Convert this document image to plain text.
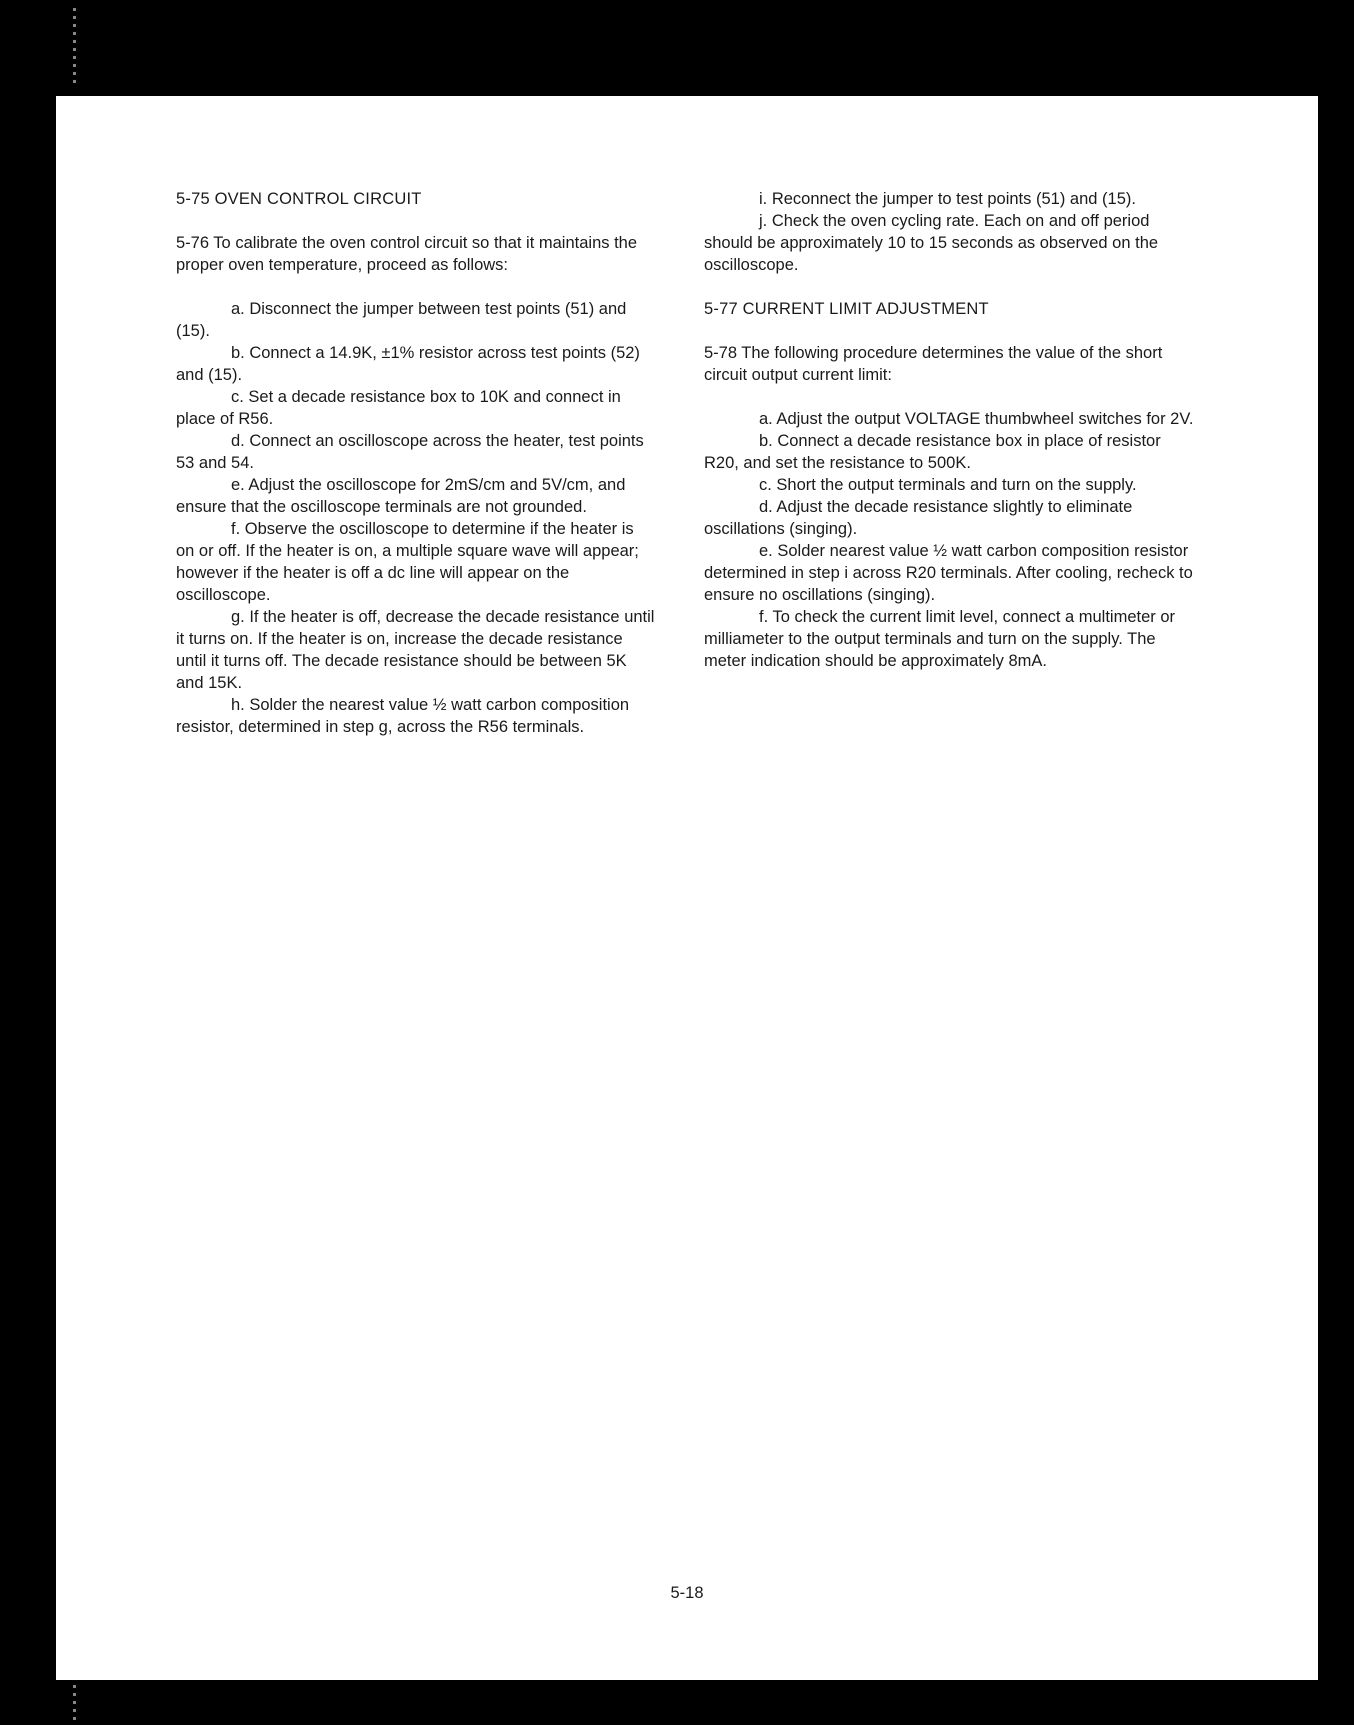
5-75 OVEN CONTROL CIRCUIT

5-76 To calibrate the oven control circuit so that it maintains the proper oven temperature, proceed as follows:

a. Disconnect the jumper between test points (51) and (15).

b. Connect a 14.9K, ±1% resistor across test points (52) and (15).

c. Set a decade resistance box to 10K and connect in place of R56.

d. Connect an oscilloscope across the heater, test points 53 and 54.

e. Adjust the oscilloscope for 2mS/cm and 5V/cm, and ensure that the oscilloscope terminals are not grounded.

f. Observe the oscilloscope to determine if the heater is on or off. If the heater is on, a multiple square wave will appear; however if the heater is off a dc line will appear on the oscilloscope.

g. If the heater is off, decrease the decade resistance until it turns on. If the heater is on, increase the decade resistance until it turns off. The decade resistance should be between 5K and 15K.

h. Solder the nearest value ½ watt carbon composition resistor, determined in step g, across the R56 terminals.

i. Reconnect the jumper to test points (51) and (15).

j. Check the oven cycling rate. Each on and off period should be approximately 10 to 15 seconds as observed on the oscilloscope.

5-77 CURRENT LIMIT ADJUSTMENT

5-78 The following procedure determines the value of the short circuit output current limit:

a. Adjust the output VOLTAGE thumbwheel switches for 2V.

b. Connect a decade resistance box in place of resistor R20, and set the resistance to 500K.

c. Short the output terminals and turn on the supply.

d. Adjust the decade resistance slightly to eliminate oscillations (singing).

e. Solder nearest value ½ watt carbon composition resistor determined in step i across R20 terminals. After cooling, recheck to ensure no oscillations (singing).

f. To check the current limit level, connect a multimeter or milliameter to the output terminals and turn on the supply. The meter indication should be approximately 8mA.

5-18
